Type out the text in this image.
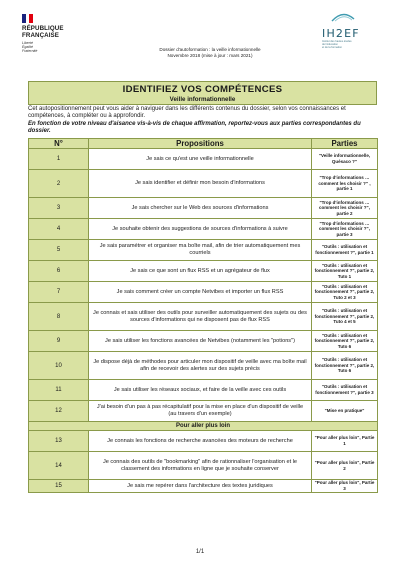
RÉPUBLIQUE
FRANÇAISE
Liberté
Égalité
Fraternité
IH2EF
Institut des hautes études
de l'éducation
et de la formation
Dossier d'autoformation : la veille informationnelle
Novembre 2018 (mise à jour : mars 2021)
IDENTIFIEZ VOS COMPÉTENCES
Veille informationnelle
Cet autopositionnement peut vous aider à naviguer dans les différents contenus du dossier, selon vos connaissances et compétences, à compléter ou à approfondir.
En fonction de votre niveau d'aisance vis-à-vis de chaque affirmation, reportez-vous aux parties correspondantes du dossier.
N°	Propositions	Parties
1	Je sais ce qu'est une veille informationnelle	"Veille informationnelle, Quésaco ?"
2	Je sais identifier et définir mon besoin d'informations	"Trop d'informations … comment les choisir ?" , partie 1
3	Je sais chercher sur le Web des sources d'informations	"Trop d'informations … comment les choisir ?", partie 2
4	Je souhaite obtenir des suggestions de sources d'informations à suivre	"Trop d'informations … comment les choisir ?", partie 3
5	Je sais paramétrer et organiser ma boîte mail, afin de trier automatiquement mes courriels	"Outils : utilisation et fonctionnement ?", partie 1
6	Je sais ce que sont un flux RSS et un agrégateur de flux	"Outils : utilisation et fonctionnement ?", partie 2, Tuto 1
7	Je sais comment créer un compte Netvibes et importer un flux RSS	"Outils : utilisation et fonctionnement ?", partie 2, Tuto 2 et 3
8	Je connais et sais utiliser des outils pour surveiller automatiquement des sujets ou des sources d'informations qui ne disposent pas de flux RSS	"Outils : utilisation et fonctionnement ?", partie 2, Tuto 4 et 5
9	Je sais utiliser les fonctions avancées de Netvibes (notamment les "potions")	"Outils : utilisation et fonctionnement ?", partie 2, Tuto 6
10	Je dispose déjà de méthodes pour articuler mon dispositif de veille avec ma boîte mail afin de recevoir des alertes sur des sujets précis	"Outils : utilisation et fonctionnement ?", partie 2, Tuto 6
11	Je sais utiliser les réseaux sociaux, et faire de la veille avec ces outils	"Outils : utilisation et fonctionnement ?", partie 3
12	J'ai besoin d'un pas à pas récapitulatif pour la mise en place d'un dispositif de veille (au travers d'un exemple)	"Mise en pratique"
Pour aller plus loin		
13	Je connais les fonctions de recherche avancées des moteurs de recherche	"Pour aller plus loin", Partie 1
14	Je connais des outils de "bookmarking" afin de rationnaliser l'organisation et le classement des informations en ligne que je souhaite conserver	"Pour aller plus loin", Partie 2
15	Je sais me repérer dans l'architecture des textes juridiques	"Pour aller plus loin", Partie 3
1/1
